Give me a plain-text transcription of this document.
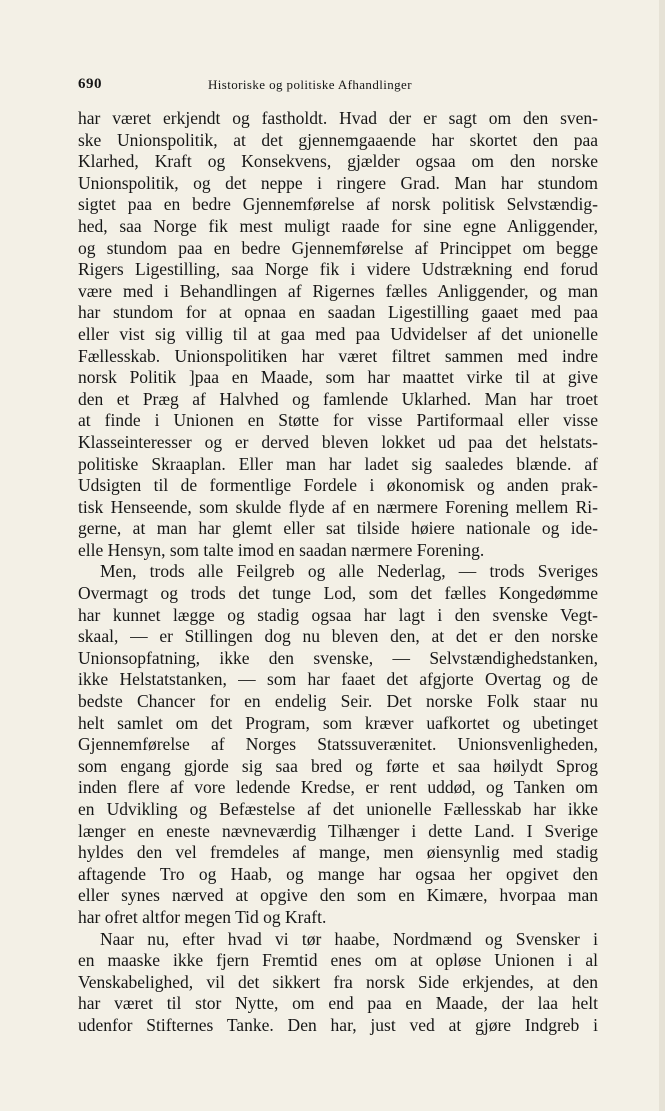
690	Historiske og politiske Afhandlinger
har været erkjendt og fastholdt. Hvad der er sagt om den sven-
ske Unionspolitik, at det gjennemgaaende har skortet den paa
Klarhed, Kraft og Konsekvens, gjælder ogsaa om den norske
Unionspolitik, og det neppe i ringere Grad. Man har stundom
sigtet paa en bedre Gjennemførelse af norsk politisk Selvstændig-
hed, saa Norge fik mest muligt raade for sine egne Anliggender,
og stundom paa en bedre Gjennemførelse af Princippet om begge
Rigers Ligestilling, saa Norge fik i videre Udstrækning end forud
være med i Behandlingen af Rigernes fælles Anliggender, og man
har stundom for at opnaa en saadan Ligestilling gaaet med paa
eller vist sig villig til at gaa med paa Udvidelser af det unionelle
Fællesskab. Unionspolitiken har været filtret sammen med indre
norsk Politik ]paa en Maade, som har maattet virke til at give
den et Præg af Halvhed og famlende Uklarhed. Man har troet
at finde i Unionen en Støtte for visse Partiformaal eller visse
Klasseinteresser og er derved bleven lokket ud paa det helstats-
politiske Skraaplan. Eller man har ladet sig saaledes blænde. af
Udsigten til de formentlige Fordele i økonomisk og anden prak-
tisk Henseende, som skulde flyde af en nærmere Forening mellem Ri-
gerne, at man har glemt eller sat tilside høiere nationale og ide-
elle Hensyn, som talte imod en saadan nærmere Forening.
Men, trods alle Feilgreb og alle Nederlag, — trods Sveriges
Overmagt og trods det tunge Lod, som det fælles Kongedømme
har kunnet lægge og stadig ogsaa har lagt i den svenske Vegt-
skaal, — er Stillingen dog nu bleven den, at det er den norske
Unionsopfatning, ikke den svenske, — Selvstændighedstanken,
ikke Helstatstanken, — som har faaet det afgjorte Overtag og de
bedste Chancer for en endelig Seir. Det norske Folk staar nu
helt samlet om det Program, som kræver uafkortet og ubetinget
Gjennemførelse af Norges Statssuverænitet. Unionsvenligheden,
som engang gjorde sig saa bred og førte et saa høilydt Sprog
inden flere af vore ledende Kredse, er rent uddød, og Tanken om
en Udvikling og Befæstelse af det unionelle Fællesskab har ikke
længer en eneste nævneværdig Tilhænger i dette Land. I Sverige
hyldes den vel fremdeles af mange, men øiensynlig med stadig
aftagende Tro og Haab, og mange har ogsaa her opgivet den
eller synes nærved at opgive den som en Kimære, hvorpaa man
har ofret altfor megen Tid og Kraft.
Naar nu, efter hvad vi tør haabe, Nordmænd og Svensker i
en maaske ikke fjern Fremtid enes om at opløse Unionen i al
Venskabelighed, vil det sikkert fra norsk Side erkjendes, at den
har været til stor Nytte, om end paa en Maade, der laa helt
udenfor Stifternes Tanke. Den har, just ved at gjøre Indgreb i
